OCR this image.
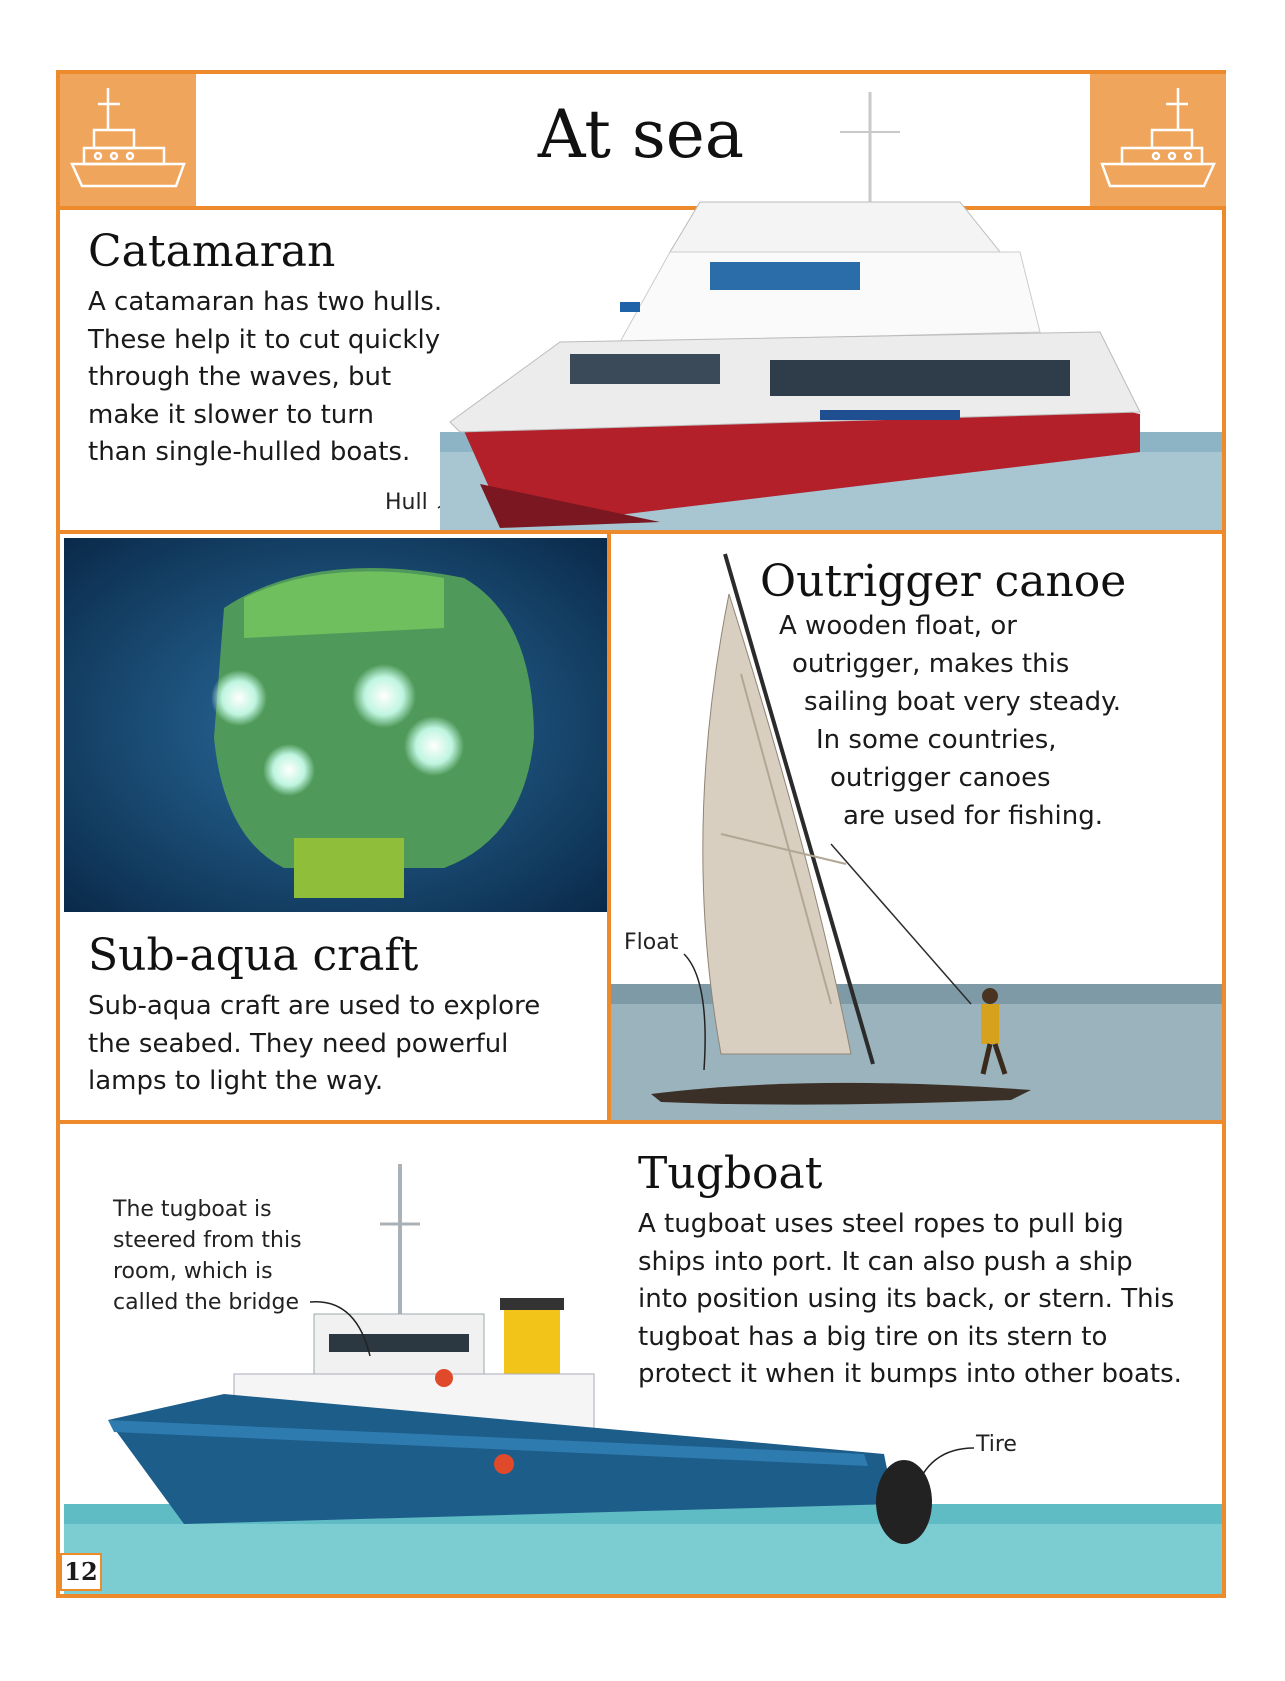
At sea
Catamaran
A catamaran has two hulls.
These help it to cut quickly
through the waves, but
make it slower to turn
than single-hulled boats.
Hull
Sub-aqua craft
Sub-aqua craft are used to explore
the seabed. They need powerful
lamps to light the way.
Outrigger canoe
A wooden float, or
outrigger, makes this
sailing boat very steady.
In some countries,
outrigger canoes
are used for fishing.
Float
Tugboat
A tugboat uses steel ropes to pull big
ships into port. It can also push a ship
into position using its back, or stern. This
tugboat has a big tire on its stern to
protect it when it bumps into other boats.
The tugboat is
steered from this
room, which is
called the bridge
Tire
12
